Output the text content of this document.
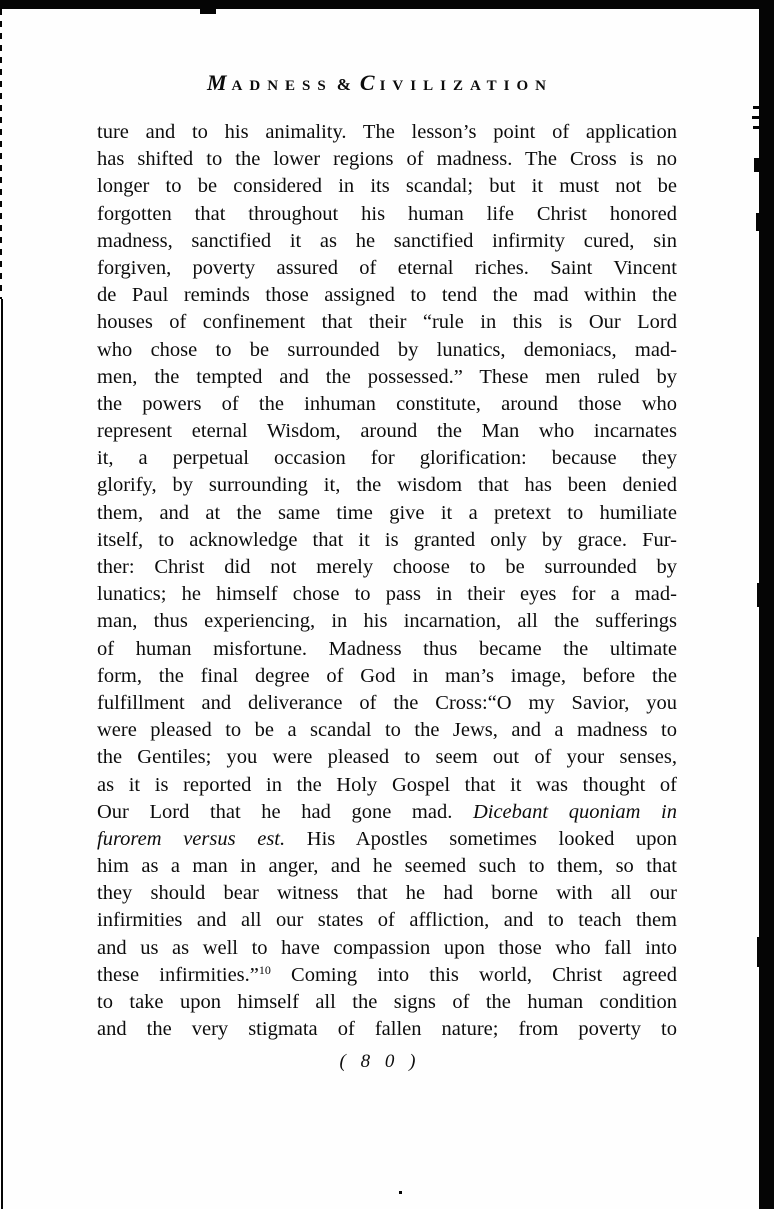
MADNESS & CIVILIZATION
ture and to his animality. The lesson’s point of application
has shifted to the lower regions of madness. The Cross is no
longer to be considered in its scandal; but it must not be
forgotten that throughout his human life Christ honored
madness, sanctified it as he sanctified infirmity cured, sin
forgiven, poverty assured of eternal riches. Saint Vincent
de Paul reminds those assigned to tend the mad within the
houses of confinement that their “rule in this is Our Lord
who chose to be surrounded by lunatics, demoniacs, mad-
men, the tempted and the possessed.” These men ruled by
the powers of the inhuman constitute, around those who
represent eternal Wisdom, around the Man who incarnates
it, a perpetual occasion for glorification: because they
glorify, by surrounding it, the wisdom that has been denied
them, and at the same time give it a pretext to humiliate
itself, to acknowledge that it is granted only by grace. Fur-
ther: Christ did not merely choose to be surrounded by
lunatics; he himself chose to pass in their eyes for a mad-
man, thus experiencing, in his incarnation, all the sufferings
of human misfortune. Madness thus became the ultimate
form, the final degree of God in man’s image, before the
fulfillment and deliverance of the Cross:“O my Savior, you
were pleased to be a scandal to the Jews, and a madness to
the Gentiles; you were pleased to seem out of your senses,
as it is reported in the Holy Gospel that it was thought of
Our Lord that he had gone mad. Dicebant quoniam in
furorem versus est. His Apostles sometimes looked upon
him as a man in anger, and he seemed such to them, so that
they should bear witness that he had borne with all our
infirmities and all our states of affliction, and to teach them
and us as well to have compassion upon those who fall into
these infirmities.”$^{10}$ Coming into this world, Christ agreed
to take upon himself all the signs of the human condition
and the very stigmata of fallen nature; from poverty to
( 8 0 )
